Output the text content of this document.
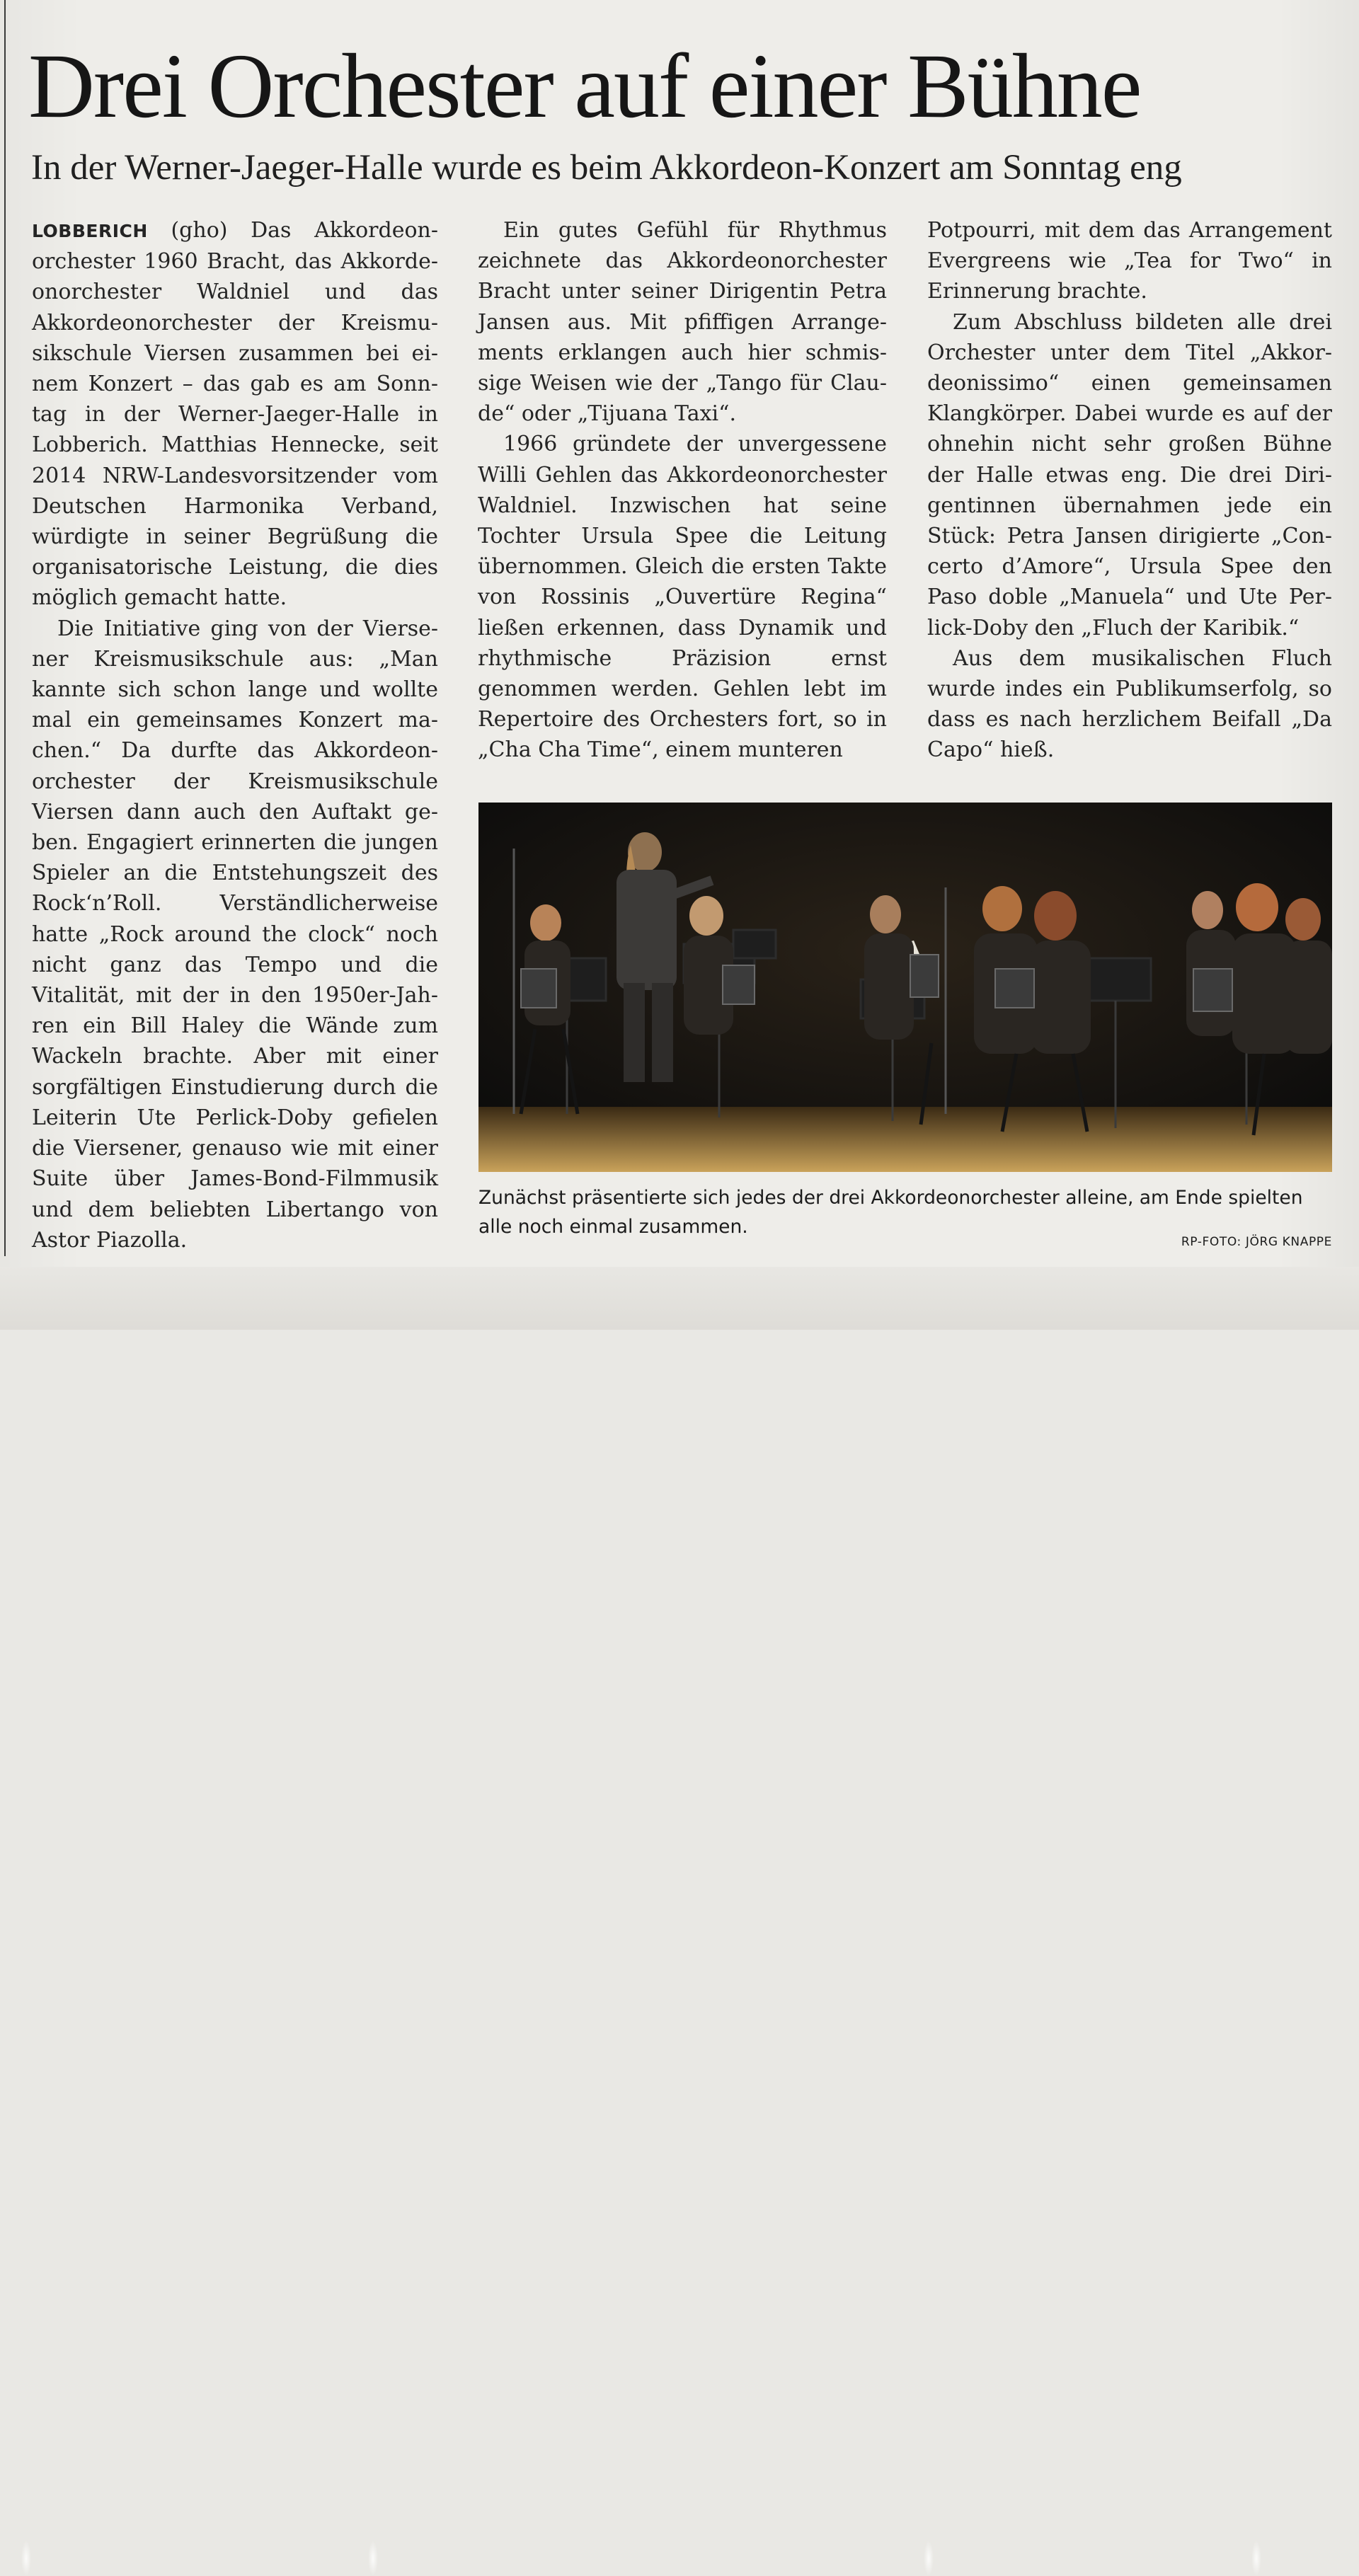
Drei Orchester auf einer Bühne
In der Werner-Jaeger-Halle wurde es beim Akkordeon-Konzert am Sonntag eng

LOBBERICH (gho) Das Akkordeonorchester 1960 Bracht, das Akkordeonorchester Waldniel und das Akkordeonorchester der Kreismusikschule Viersen zusammen bei einem Konzert – das gab es am Sonntag in der Werner-Jaeger-Halle in Lobberich. Matthias Hennecke, seit 2014 NRW-Landesvorsitzender vom Deutschen Harmonika Verband, würdigte in seiner Begrüßung die organisatorische Leistung, die dies möglich gemacht hatte.

Die Initiative ging von der Viersener Kreismusikschule aus: „Man kannte sich schon lange und wollte mal ein gemeinsames Konzert machen.“ Da durfte das Akkordeonorchester der Kreismusikschule Viersen dann auch den Auftakt geben. Engagiert erinnerten die jungen Spieler an die Entstehungszeit des Rock‘n’Roll. Verständlicherweise hatte „Rock around the clock“ noch nicht ganz das Tempo und die Vitalität, mit der in den 1950er-Jahren ein Bill Haley die Wände zum Wackeln brachte. Aber mit einer sorgfältigen Einstudierung durch die Leiterin Ute Perlick-Doby gefielen die Viersener, genauso wie mit einer Suite über James-Bond-Filmmusik und dem beliebten Libertango von Astor Piazolla.

Ein gutes Gefühl für Rhythmus zeichnete das Akkordeonorchester Bracht unter seiner Dirigentin Petra Jansen aus. Mit pfiffigen Arrangements erklangen auch hier schmissige Weisen wie der „Tango für Claude“ oder „Tijuana Taxi“.

1966 gründete der unvergessene Willi Gehlen das Akkordeonorchester Waldniel. Inzwischen hat seine Tochter Ursula Spee die Leitung übernommen. Gleich die ersten Takte von Rossinis „Ouvertüre Regina“ ließen erkennen, dass Dynamik und rhythmische Präzision ernst genommen werden. Gehlen lebt im Repertoire des Orchesters fort, so in „Cha Cha Time“, einem munteren

Potpourri, mit dem das Arrangement Evergreens wie „Tea for Two“ in Erinnerung brachte.

Zum Abschluss bildeten alle drei Orchester unter dem Titel „Akkordeonissimo“ einen gemeinsamen Klangkörper. Dabei wurde es auf der ohnehin nicht sehr großen Bühne der Halle etwas eng. Die drei Dirigentinnen übernahmen jede ein Stück: Petra Jansen dirigierte „Concerto d’Amore“, Ursula Spee den Paso doble „Manuela“ und Ute Perlick-Doby den „Fluch der Karibik.“

Aus dem musikalischen Fluch wurde indes ein Publikumserfolg, so dass es nach herzlichem Beifall „Da Capo“ hieß.

Zunächst präsentierte sich jedes der drei Akkordeonorchester alleine, am Ende spielten alle noch einmal zusammen.

RP-FOTO: JÖRG KNAPPE
